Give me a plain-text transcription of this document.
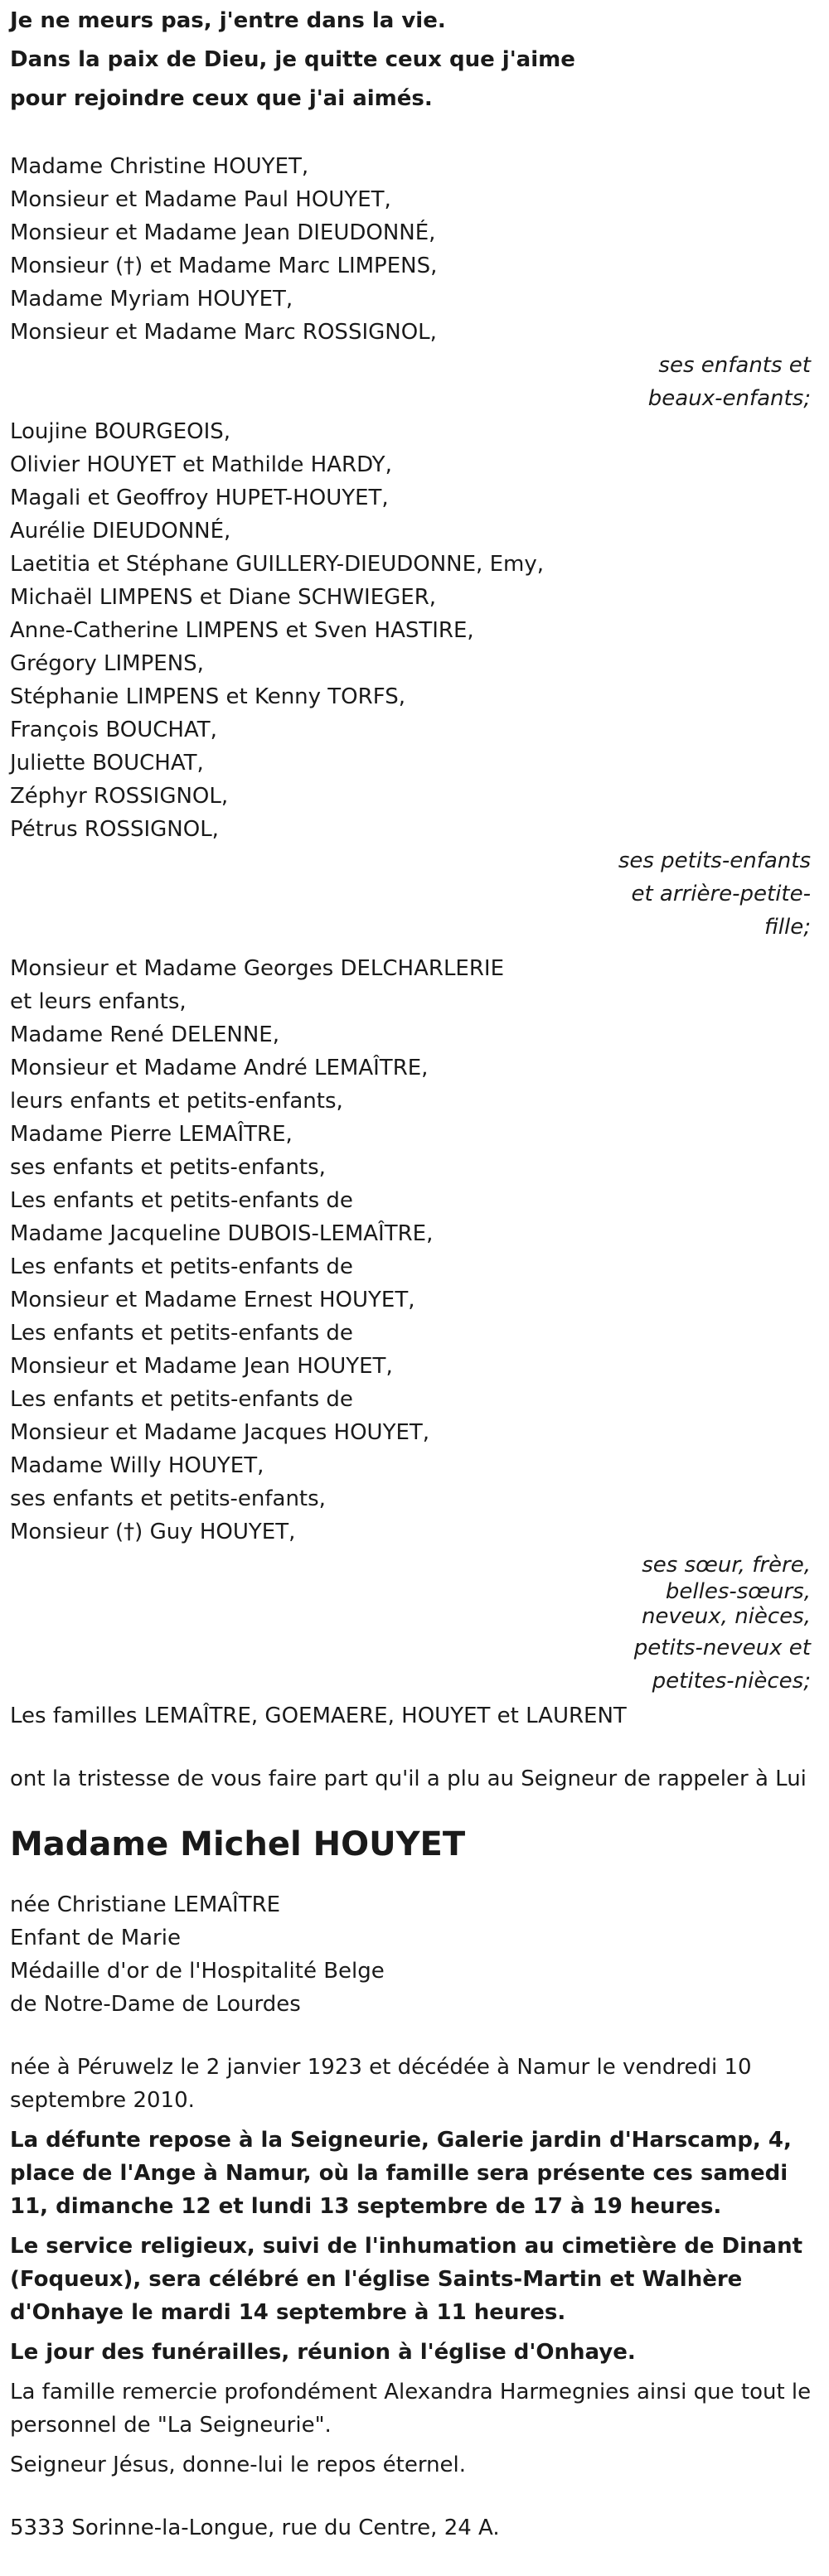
Je ne meurs pas, j'entre dans la vie.
Dans la paix de Dieu, je quitte ceux que j'aime
pour rejoindre ceux que j'ai aimés.
Madame Christine HOUYET,
Monsieur et Madame Paul HOUYET,
Monsieur et Madame Jean DIEUDONNÉ,
Monsieur (†) et Madame Marc LIMPENS,
Madame Myriam HOUYET,
Monsieur et Madame Marc ROSSIGNOL,
ses enfants et
beaux-enfants;
Loujine BOURGEOIS,
Olivier HOUYET et Mathilde HARDY,
Magali et Geoffroy HUPET-HOUYET,
Aurélie DIEUDONNÉ,
Laetitia et Stéphane GUILLERY-DIEUDONNE, Emy,
Michaël LIMPENS et Diane SCHWIEGER,
Anne-Catherine LIMPENS et Sven HASTIRE,
Grégory LIMPENS,
Stéphanie LIMPENS et Kenny TORFS,
François BOUCHAT,
Juliette BOUCHAT,
Zéphyr ROSSIGNOL,
Pétrus ROSSIGNOL,
ses petits-enfants
et arrière-petite-
fille;
Monsieur et Madame Georges DELCHARLERIE
et leurs enfants,
Madame René DELENNE,
Monsieur et Madame André LEMAÎTRE,
leurs enfants et petits-enfants,
Madame Pierre LEMAÎTRE,
ses enfants et petits-enfants,
Les enfants et petits-enfants de
Madame Jacqueline DUBOIS-LEMAÎTRE,
Les enfants et petits-enfants de
Monsieur et Madame Ernest HOUYET,
Les enfants et petits-enfants de
Monsieur et Madame Jean HOUYET,
Les enfants et petits-enfants de
Monsieur et Madame Jacques HOUYET,
Madame Willy HOUYET,
ses enfants et petits-enfants,
Monsieur (†) Guy HOUYET,
ses sœur, frère,
belles-sœurs,
neveux, nièces,
petits-neveux et
petites-nièces;
Les familles LEMAÎTRE, GOEMAERE, HOUYET et LAURENT
ont la tristesse de vous faire part qu'il a plu au Seigneur de rappeler à Lui
Madame Michel HOUYET
née Christiane LEMAÎTRE
Enfant de Marie
Médaille d'or de l'Hospitalité Belge
de Notre-Dame de Lourdes
née à Péruwelz le 2 janvier 1923 et décédée à Namur le vendredi 10 septembre 2010.
La défunte repose à la Seigneurie, Galerie jardin d'Harscamp, 4, place de l'Ange à Namur, où la famille sera présente ces samedi 11, dimanche 12 et lundi 13 septembre de 17 à 19 heures.
Le service religieux, suivi de l'inhumation au cimetière de Dinant (Foqueux), sera célébré en l'église Saints-Martin et Walhère d'Onhaye le mardi 14 septembre à 11 heures.
Le jour des funérailles, réunion à l'église d'Onhaye.
La famille remercie profondément Alexandra Harmegnies ainsi que tout le personnel de "La Seigneurie".
Seigneur Jésus, donne-lui le repos éternel.
5333 Sorinne-la-Longue, rue du Centre, 24 A.
